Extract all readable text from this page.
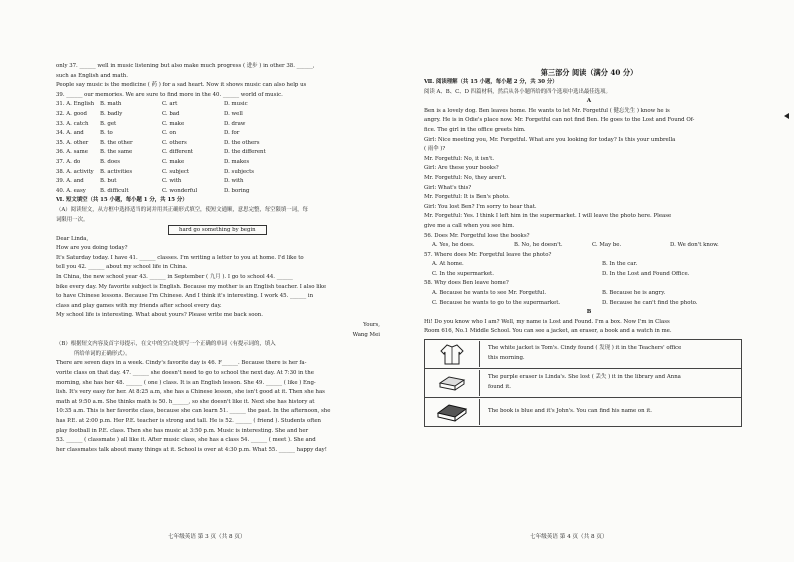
only 37. ______ well in music listening but also make much progress ( 进步 ) in other 38. ______,
such as English and math.
People say music is the medicine ( 药 ) for a sad heart. Now it shows music can also help us
39. ______ our memories. We are sure to find more in the 40. ______ world of music.
31. A. English	B. math	C. art	D. music
32. A. good	B. badly	C. bad	D. well
33. A. catch	B. get	C. make	D. draw
34. A. and	B. to	C. on	D. for
35. A. other	B. the other	C. others	D. the others
36. A. same	B. the same	C. different	D. the different
37. A. do	B. does	C. make	D. makes
38. A. activity	B. activities	C. subject	D. subjects
39. A. and	B. but	C. with	D. with
40. A. easy	B. difficult	C. wonderful	D. boring
Ⅵ. 短文填空（共 15 小题，每小题 1 分，共 15 分）
（A）阅读短文，从方框中选择适当的词并用其正确形式填空，使短文通顺，意思完整，每空限填一词，每
词限用一次。
hard go something by begin
Dear Linda,
How are you doing today?
It's Saturday today. I have 41. ______ classes. I'm writing a letter to you at home. I'd like to
tell you 42. ______ about my school life in China.
In China, the new school year 43. ______ in September ( 九月 ). I go to school 44. ______
bike every day. My favorite subject is English. Because my mother is an English teacher. I also like
to have Chinese lessons. Because I'm Chinese. And I think it's interesting. I work 45. ______ in
class and play games with my friends after school every day.
My school life is interesting. What about yours? Please write me back soon.
Yours,
Wang Mei
（B）根据短文内容及首字母提示，在文中的空白处填写一个正确的单词（有提示词的，填入
所给单词的正确形式）。
There are seven days in a week. Cindy's favorite day is 46. F______. Because there is her fa-
vorite class on that day. 47. ______ she doesn't need to go to school the next day. At 7:30 in the
morning, she has her 48. ______ ( one ) class. It is an English lesson. She 49. ______ ( like ) Eng-
lish. It's very easy for her. At 8:25 a.m, she has a Chinese lesson, she isn't good at it. Then she has
math at 9:50 a.m. She thinks math is 50. h______, so she doesn't like it. Next she has history at
10:35 a.m. This is her favorite class, because she can learn 51. ______ the past. In the afternoon, she
has P.E. at 2:00 p.m. Her P.E. teacher is strong and tall. He is 52. ______ ( friend ). Students often
play football in P.E. class. Then she has music at 3:50 p.m. Music is interesting. She and her
53. ______ ( classmate ) all like it. After music class, she has a class 54. ______ ( meet ). She and
her classmates talk about many things at it. School is over at 4:30 p.m. What 55. ______ happy day!
七年级英语 第 3 页（共 8 页）
第三部分 阅读（满分 40 分）
Ⅶ. 阅读理解（共 15 小题，每小题 2 分，共 30 分）
阅读 A、B、C、D 四篇材料，然后从各小题所给的四个选项中选出最佳选项。
A
Ben is a lovely dog. Ben leaves home. He wants to let Mr. Forgetful ( 健忘先生 ) know he is
angry. He is in Odie's place now. Mr. Forgetful can not find Ben. He goes to the Lost and Found Of-
fice. The girl in the office greets him.
Girl: Nice meeting you, Mr. Forgetful. What are you looking for today? Is this your umbrella
( 雨伞 )?
Mr. Forgetful: No, it isn't.
Girl: Are these your books?
Mr. Forgetful: No, they aren't.
Girl: What's this?
Mr. Forgetful: It is Ben's photo.
Girl: You lost Ben? I'm sorry to hear that.
Mr. Forgetful: Yes. I think I left him in the supermarket. I will leave the photo here. Please
give me a call when you see him.
56. Does Mr. Forgetful lose the books?
A. Yes, he does.	B. No, he doesn't.	C. May be.	D. We don't know.
57. Where does Mr. Forgetful leave the photo?
A. At home.	B. In the car.
C. In the supermarket.	D. In the Lost and Found Office.
58. Why does Ben leave home?
A. Because he wants to see Mr. Forgetful.	B. Because he is angry.
C. Because he wants to go to the supermarket.	D. Because he can't find the photo.
B
Hi! Do you know who I am? Well, my name is Lost and Found. I'm a box. Now I'm in Class
Room 616, No.1 Middle School. You can see a jacket, an eraser, a book and a watch in me.
The white jacket is Tom's. Cindy found ( 发现 ) it in the Teachers' office
this morning.
The purple eraser is Linda's. She lost ( 丢失 ) it in the library and Anna
found it.
The book is blue and it's John's. You can find his name on it.
七年级英语 第 4 页（共 8 页）
